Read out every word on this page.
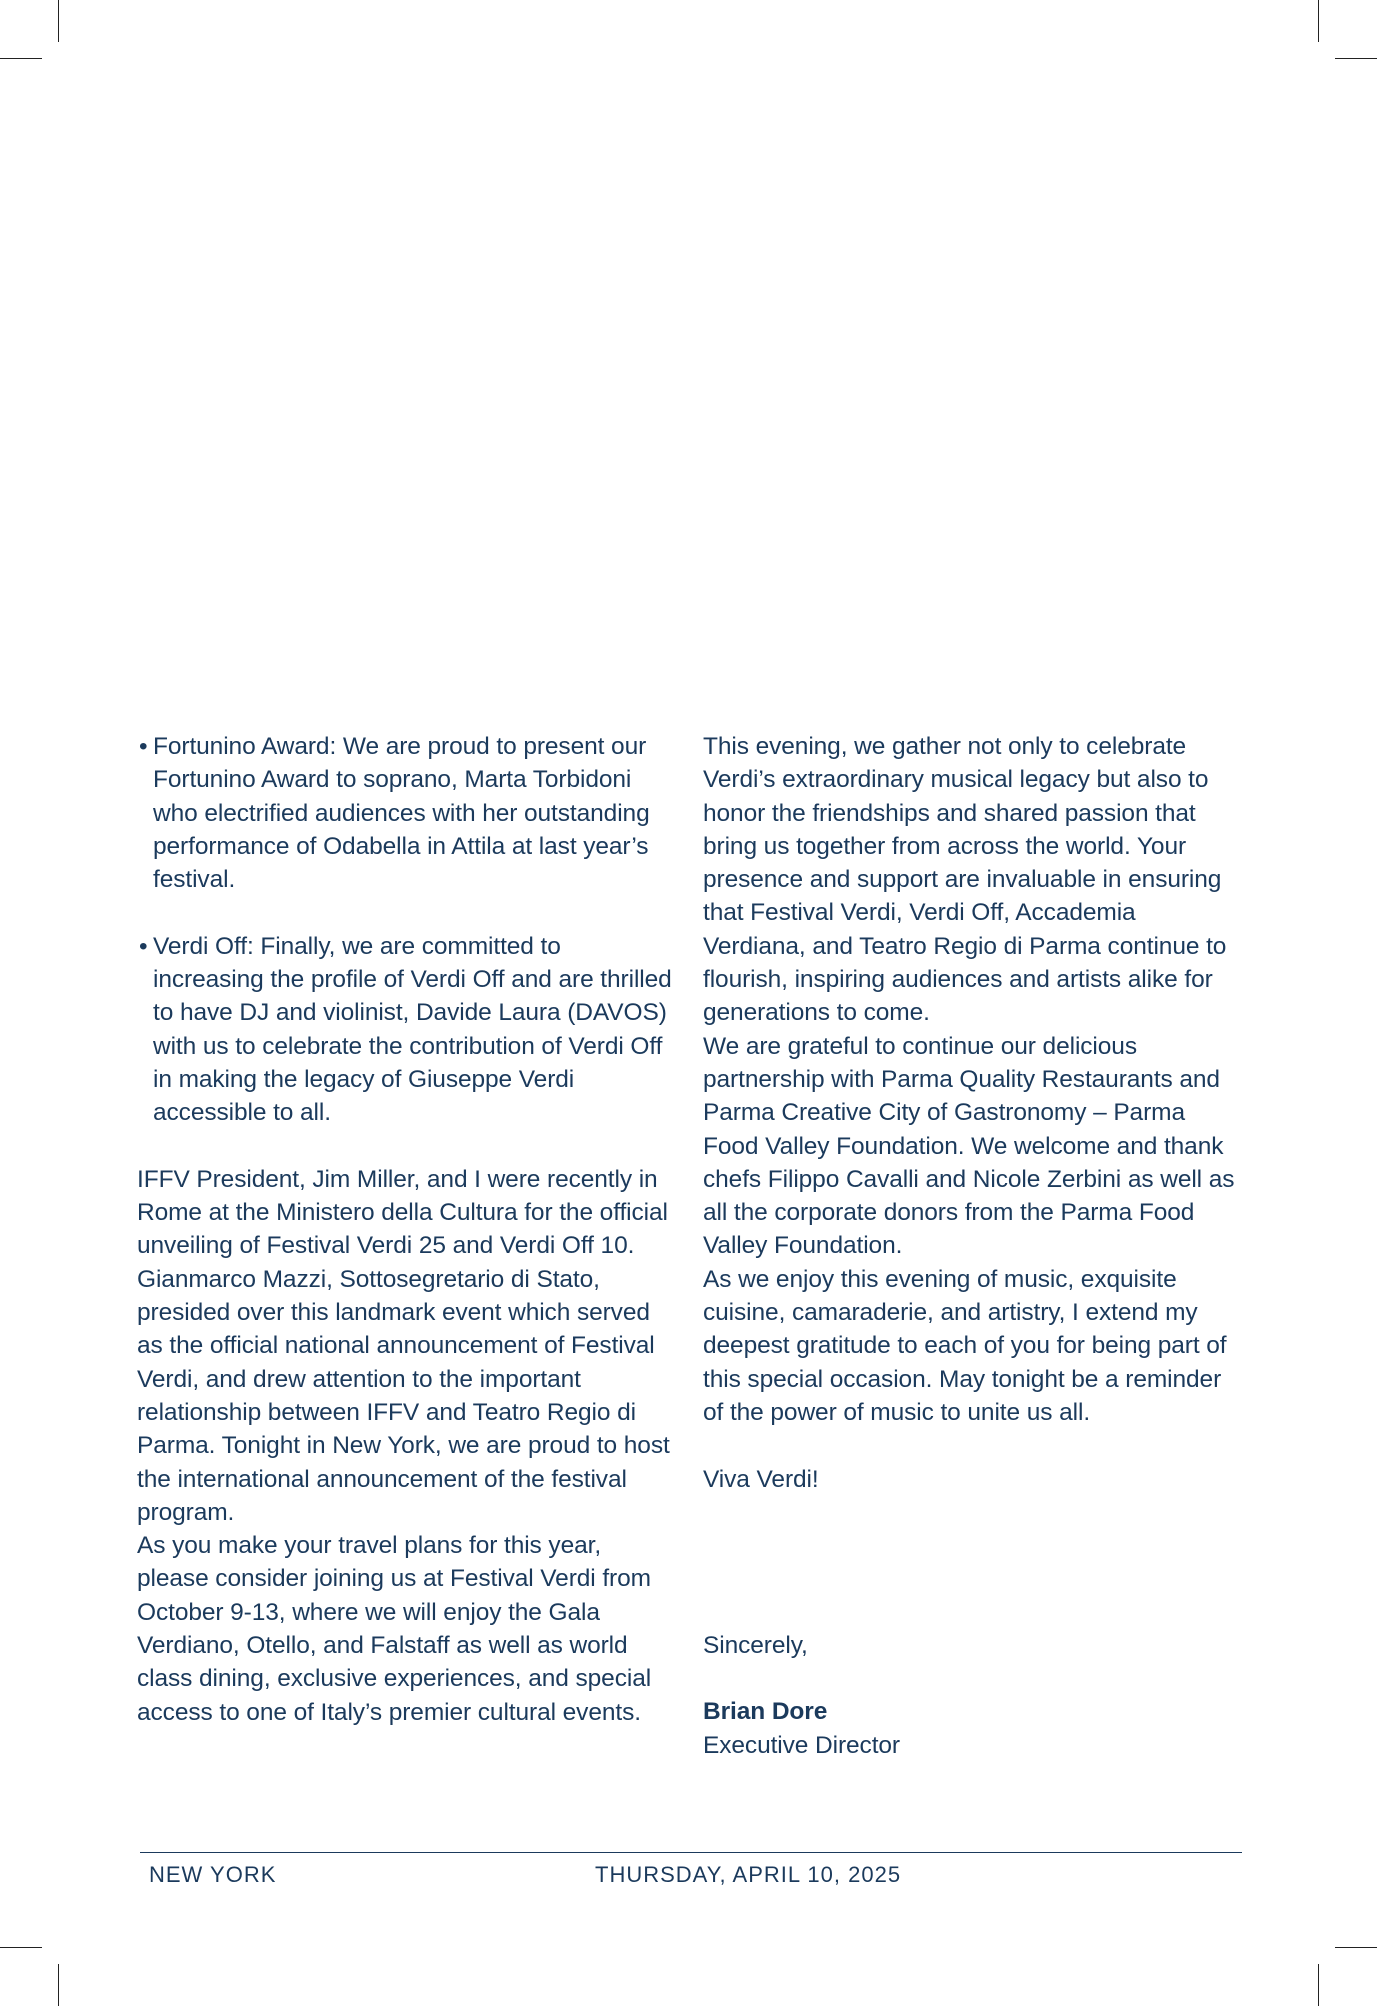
• Fortunino Award: We are proud to present our Fortunino Award to soprano, Marta Torbidoni who electrified audiences with her outstanding performance of Odabella in Attila at last year’s festival.

• Verdi Off: Finally, we are committed to increasing the profile of Verdi Off and are thrilled to have DJ and violinist, Davide Laura (DAVOS) with us to celebrate the contribution of Verdi Off in making the legacy of Giuseppe Verdi accessible to all.

IFFV President, Jim Miller, and I were recently in Rome at the Ministero della Cultura for the official unveiling of Festival Verdi 25 and Verdi Off 10. Gianmarco Mazzi, Sottosegretario di Stato, presided over this landmark event which served as the official national announcement of Festival Verdi, and drew attention to the important relationship between IFFV and Teatro Regio di Parma. Tonight in New York, we are proud to host the international announcement of the festival program.

As you make your travel plans for this year, please consider joining us at Festival Verdi from October 9-13, where we will enjoy the Gala Verdiano, Otello, and Falstaff as well as world class dining, exclusive experiences, and special access to one of Italy’s premier cultural events.

This evening, we gather not only to celebrate Verdi’s extraordinary musical legacy but also to honor the friendships and shared passion that bring us together from across the world. Your presence and support are invaluable in ensuring that Festival Verdi, Verdi Off, Accademia Verdiana, and Teatro Regio di Parma continue to flourish, inspiring audiences and artists alike for generations to come.

We are grateful to continue our delicious partnership with Parma Quality Restaurants and Parma Creative City of Gastronomy – Parma Food Valley Foundation. We welcome and thank chefs Filippo Cavalli and Nicole Zerbini as well as all the corporate donors from the Parma Food Valley Foundation.

As we enjoy this evening of music, exquisite cuisine, camaraderie, and artistry, I extend my deepest gratitude to each of you for being part of this special occasion. May tonight be a reminder of the power of music to unite us all.

Viva Verdi!

Sincerely,

Brian Dore

Executive Director

NEW YORK	THURSDAY, APRIL 10, 2025
